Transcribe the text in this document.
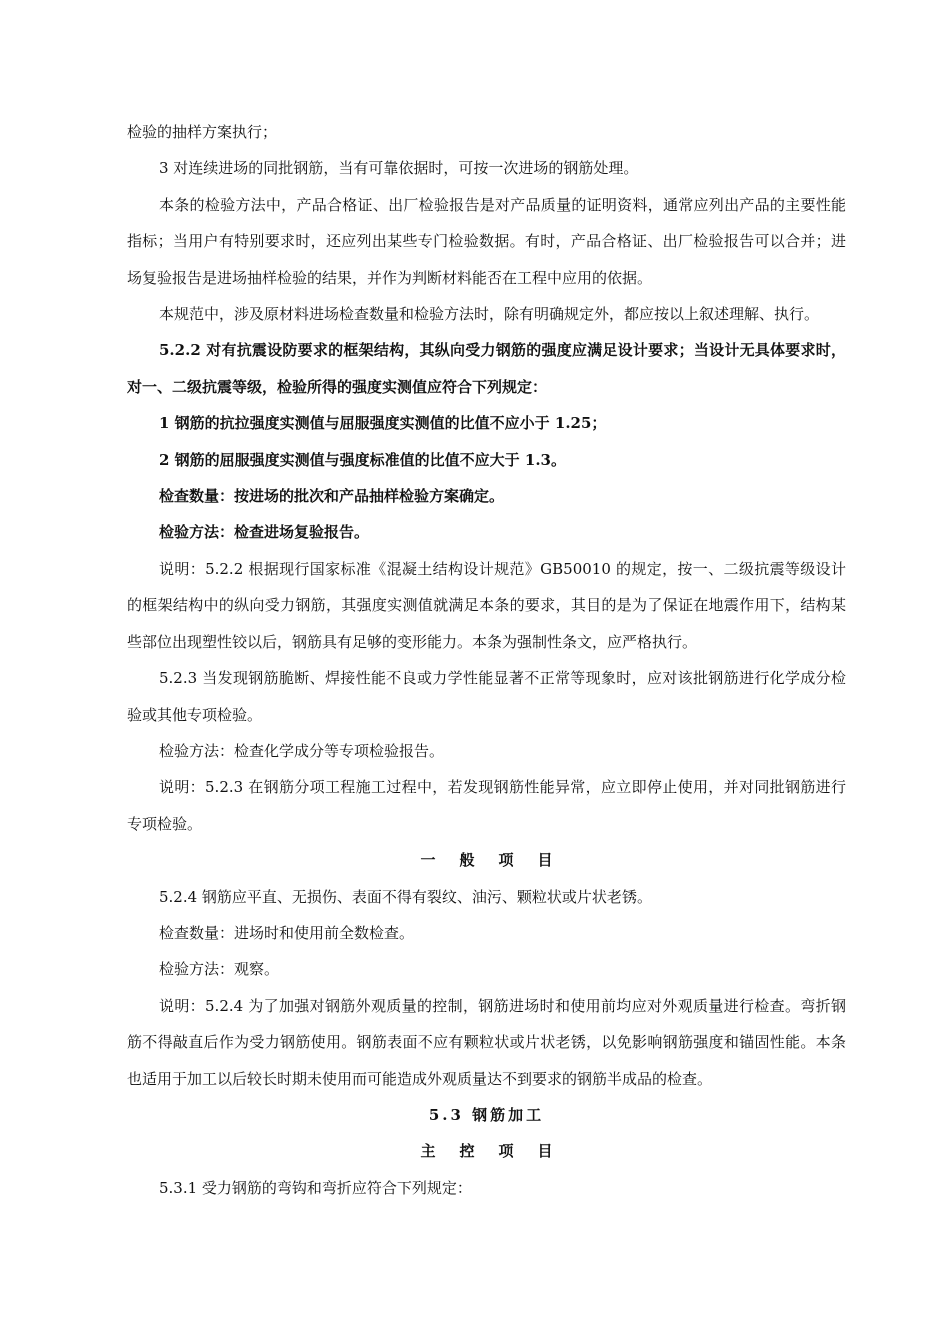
检验的抽样方案执行；

3 对连续进场的同批钢筋，当有可靠依据时，可按一次进场的钢筋处理。

本条的检验方法中，产品合格证、出厂检验报告是对产品质量的证明资料，通常应列出产品的主要性能指标；当用户有特别要求时，还应列出某些专门检验数据。有时，产品合格证、出厂检验报告可以合并；进场复验报告是进场抽样检验的结果，并作为判断材料能否在工程中应用的依据。

本规范中，涉及原材料进场检查数量和检验方法时，除有明确规定外，都应按以上叙述理解、执行。

5.2.2 对有抗震设防要求的框架结构，其纵向受力钢筋的强度应满足设计要求；当设计无具体要求时，对一、二级抗震等级，检验所得的强度实测值应符合下列规定：

1 钢筋的抗拉强度实测值与屈服强度实测值的比值不应小于 1.25；

2 钢筋的屈服强度实测值与强度标准值的比值不应大于 1.3。

检查数量：按进场的批次和产品抽样检验方案确定。

检验方法：检查进场复验报告。

说明：5.2.2 根据现行国家标准《混凝土结构设计规范》GB50010 的规定，按一、二级抗震等级设计的框架结构中的纵向受力钢筋，其强度实测值就满足本条的要求，其目的是为了保证在地震作用下，结构某些部位出现塑性铰以后，钢筋具有足够的变形能力。本条为强制性条文，应严格执行。

5.2.3 当发现钢筋脆断、焊接性能不良或力学性能显著不正常等现象时，应对该批钢筋进行化学成分检验或其他专项检验。

检验方法：检查化学成分等专项检验报告。

说明：5.2.3 在钢筋分项工程施工过程中，若发现钢筋性能异常，应立即停止使用，并对同批钢筋进行专项检验。

一般项目

5.2.4 钢筋应平直、无损伤、表面不得有裂纹、油污、颗粒状或片状老锈。

检查数量：进场时和使用前全数检查。

检验方法：观察。

说明：5.2.4 为了加强对钢筋外观质量的控制，钢筋进场时和使用前均应对外观质量进行检查。弯折钢筋不得敲直后作为受力钢筋使用。钢筋表面不应有颗粒状或片状老锈，以免影响钢筋强度和锚固性能。本条也适用于加工以后较长时期未使用而可能造成外观质量达不到要求的钢筋半成品的检查。

5.3 钢筋加工

主控项目

5.3.1 受力钢筋的弯钩和弯折应符合下列规定：
